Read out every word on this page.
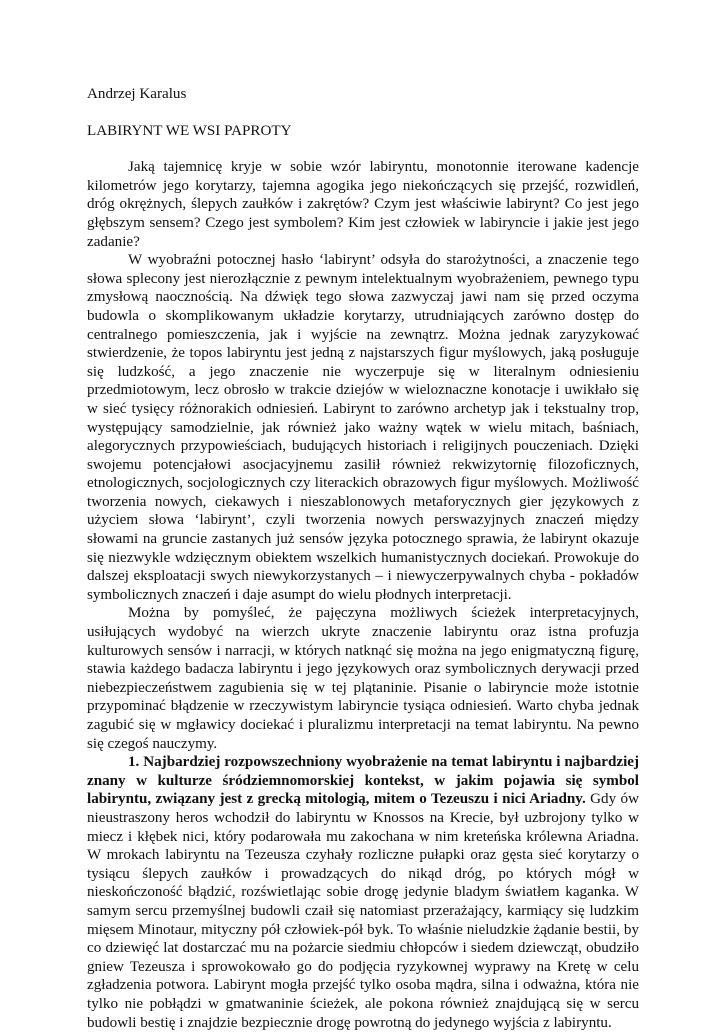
Andrzej Karalus

LABIRYNT WE WSI PAPROTY

Jaką tajemnicę kryje w sobie wzór labiryntu, monotonnie iterowane kadencje kilometrów jego korytarzy, tajemna agogika jego niekończących się przejść, rozwidleń, dróg okrężnych, ślepych zaułków i zakrętów? Czym jest właściwie labirynt? Co jest jego głębszym sensem? Czego jest symbolem? Kim jest człowiek w labiryncie i jakie jest jego zadanie?

W wyobraźni potocznej hasło ‘labirynt’ odsyła do starożytności, a znaczenie tego słowa splecony jest nierozłącznie z pewnym intelektualnym wyobrażeniem, pewnego typu zmysłową naocznością. Na dźwięk tego słowa zazwyczaj jawi nam się przed oczyma budowla o skomplikowanym układzie korytarzy, utrudniających zarówno dostęp do centralnego pomieszczenia, jak i wyjście na zewnątrz. Można jednak zaryzykować stwierdzenie, że topos labiryntu jest jedną z najstarszych figur myślowych, jaką posługuje się ludzkość, a jego znaczenie nie wyczerpuje się w literalnym odniesieniu przedmiotowym, lecz obrosło w trakcie dziejów w wieloznaczne konotacje i uwikłało się w sieć tysięcy różnorakich odniesień. Labirynt to zarówno archetyp jak i tekstualny trop, występujący samodzielnie, jak również jako ważny wątek w wielu mitach, baśniach, alegorycznych przypowieściach, budujących historiach i religijnych pouczeniach. Dzięki swojemu potencjałowi asocjacyjnemu zasilił również rekwizytornię filozoficznych, etnologicznych, socjologicznych czy literackich obrazowych figur myślowych. Możliwość tworzenia nowych, ciekawych i nieszablonowych metaforycznych gier językowych z użyciem słowa ‘labirynt’, czyli tworzenia nowych perswazyjnych znaczeń między słowami na gruncie zastanych już sensów języka potocznego sprawia, że labirynt okazuje się niezwykle wdzięcznym obiektem wszelkich humanistycznych dociekań. Prowokuje do dalszej eksploatacji swych niewykorzystanych – i niewyczerpywalnych chyba - pokładów symbolicznych znaczeń i daje asumpt do wielu płodnych interpretacji.

Można by pomyśleć, że pajęczyna możliwych ścieżek interpretacyjnych, usiłujących wydobyć na wierzch ukryte znaczenie labiryntu oraz istna profuzja kulturowych sensów i narracji, w których natknąć się można na jego enigmatyczną figurę, stawia każdego badacza labiryntu i jego językowych oraz symbolicznych derywacji przed niebezpieczeństwem zagubienia się w tej plątaninie. Pisanie o labiryncie może istotnie przypominać błądzenie w rzeczywistym labiryncie tysiąca odniesień. Warto chyba jednak zagubić się w mgławicy dociekać i pluralizmu interpretacji na temat labiryntu. Na pewno się czegoś nauczymy.

1. Najbardziej rozpowszechniony wyobrażenie na temat labiryntu i najbardziej znany w kulturze śródziemnomorskiej kontekst, w jakim pojawia się symbol labiryntu, związany jest z grecką mitologią, mitem o Tezeuszu i nici Ariadny. Gdy ów nieustraszony heros wchodził do labiryntu w Knossos na Krecie, był uzbrojony tylko w miecz i kłębek nici, który podarowała mu zakochana w nim kreteńska królewna Ariadna. W mrokach labiryntu na Tezeusza czyhały rozliczne pułapki oraz gęsta sieć korytarzy o tysiącu ślepych zaułków i prowadzących do nikąd dróg, po których mógł w nieskończoność błądzić, rozświetlając sobie drogę jedynie bladym światłem kaganka. W samym sercu przemyślnej budowli czaił się natomiast przerażający, karmiący się ludzkim mięsem Minotaur, mityczny pół człowiek-pół byk. To właśnie nieludzkie żądanie bestii, by co dziewięć lat dostarczać mu na pożarcie siedmiu chłopców i siedem dziewcząt, obudziło gniew Tezeusza i sprowokowało go do podjęcia ryzykownej wyprawy na Kretę w celu zgładzenia potwora. Labirynt mogła przejść tylko osoba mądra, silna i odważna, która nie tylko nie pobłądzi w gmatwaninie ścieżek, ale pokona również znajdującą się w sercu budowli bestię i znajdzie bezpiecznie drogę powrotną do jedynego wyjścia z labiryntu.
